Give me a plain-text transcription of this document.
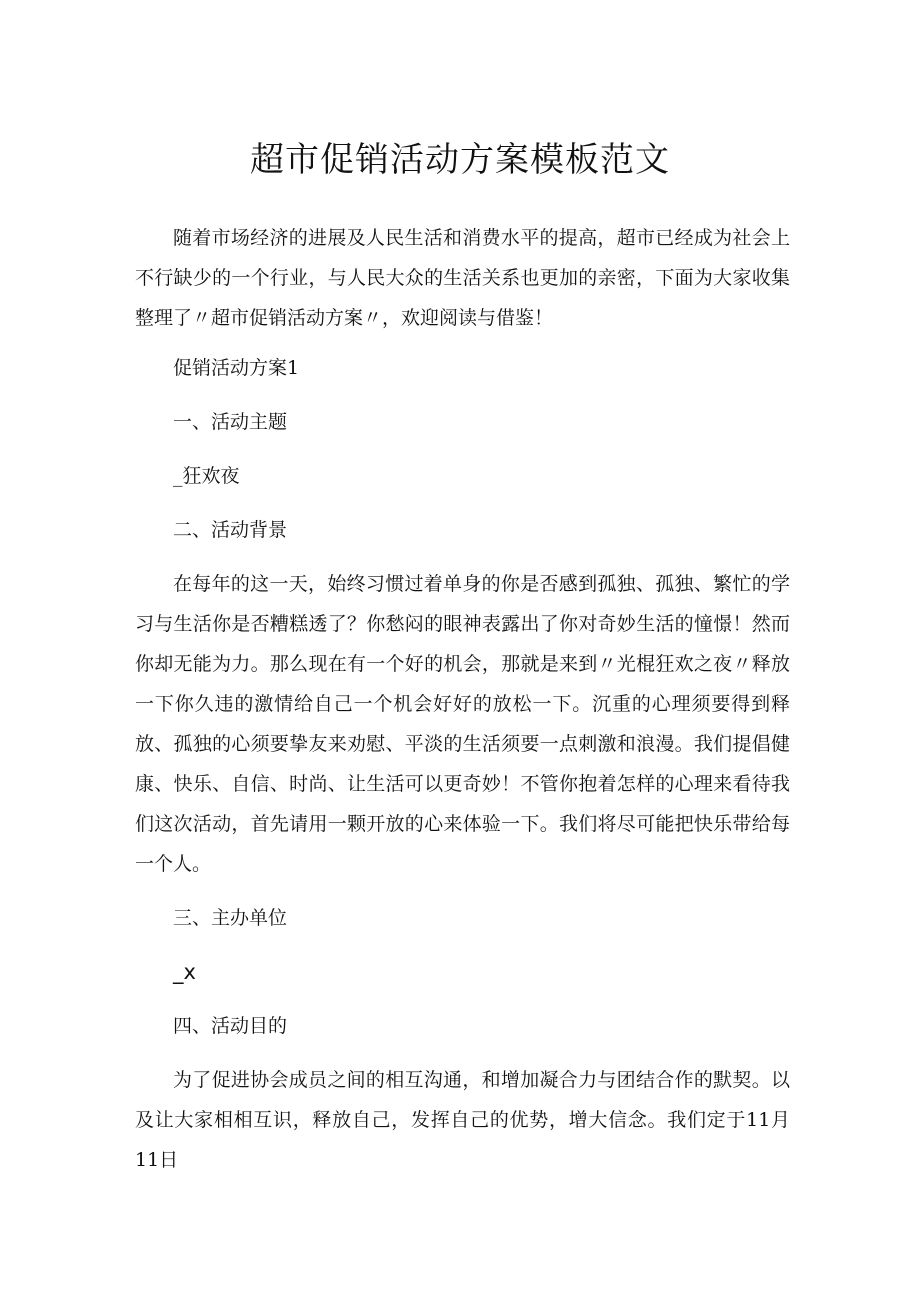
超市促销活动方案模板范文

随着市场经济的进展及人民生活和消费水平的提高，超市已经成为社会上不行缺少的一个行业，与人民大众的生活关系也更加的亲密，下面为大家收集整理了〃超市促销活动方案〃，欢迎阅读与借鉴！

促销活动方案1

一、活动主题

_狂欢夜

二、活动背景

在每年的这一天，始终习惯过着单身的你是否感到孤独、孤独、繁忙的学习与生活你是否糟糕透了？你愁闷的眼神表露出了你对奇妙生活的憧憬！然而你却无能为力。那么现在有一个好的机会，那就是来到〃光棍狂欢之夜〃释放一下你久违的激情给自己一个机会好好的放松一下。沉重的心理须要得到释放、孤独的心须要挚友来劝慰、平淡的生活须要一点刺激和浪漫。我们提倡健康、快乐、自信、时尚、让生活可以更奇妙！不管你抱着怎样的心理来看待我们这次活动，首先请用一颗开放的心来体验一下。我们将尽可能把快乐带给每一个人。

三、主办单位

_x

四、活动目的

为了促进协会成员之间的相互沟通，和增加凝合力与团结合作的默契。以及让大家相相互识，释放自己，发挥自己的优势，增大信念。我们定于11月11日
